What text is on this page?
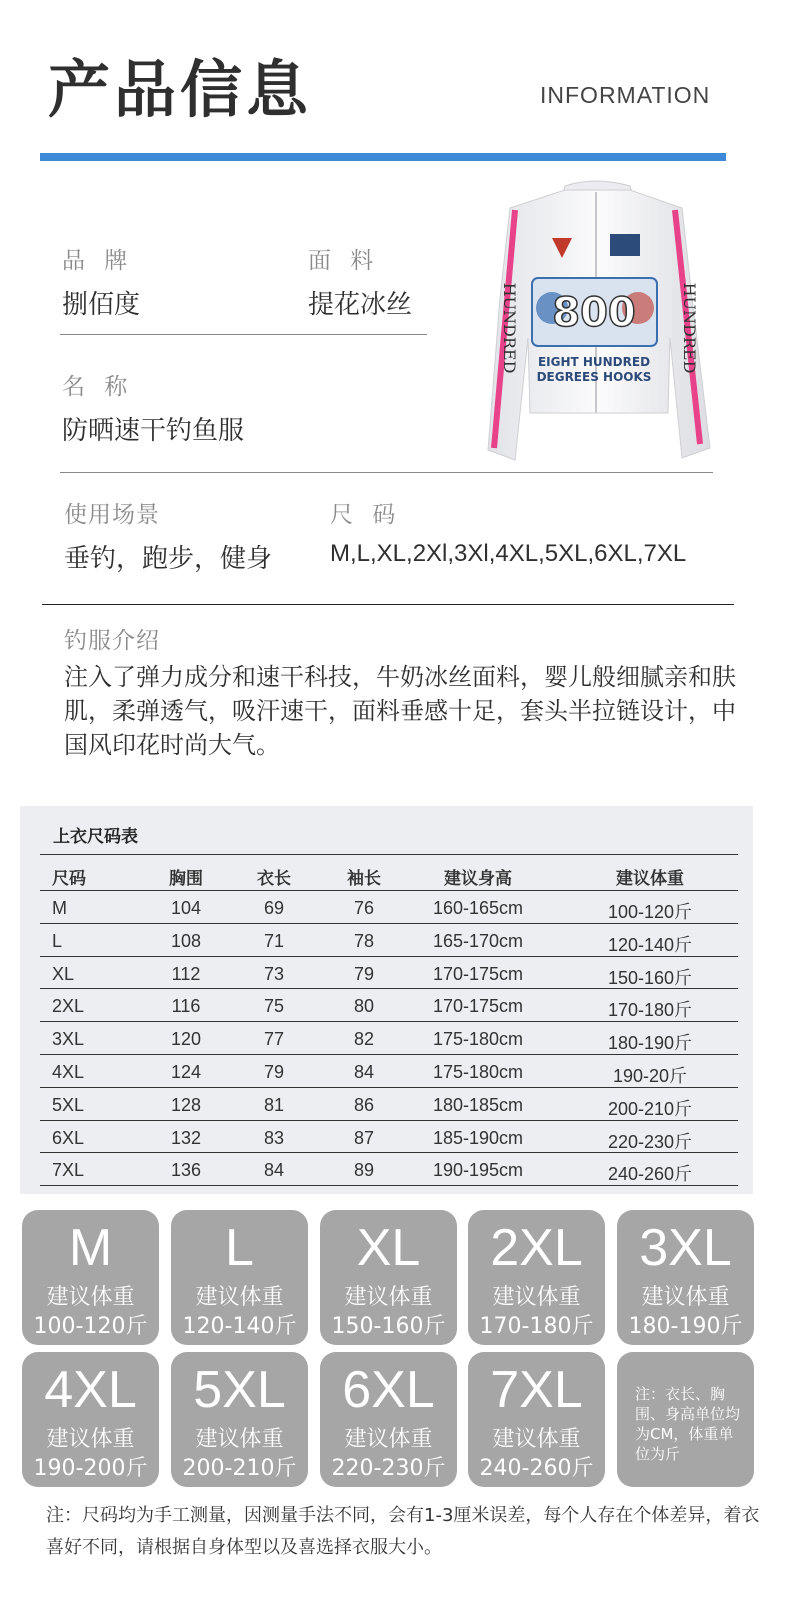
产品信息	INFORMATION
品 牌
捌佰度
面 料
提花冰丝
名 称
防晒速干钓鱼服
使用场景
垂钓，跑步，健身
尺 码
M,L,XL,2Xl,3Xl,4XL,5XL,6XL,7XL
钓服介绍
注入了弹力成分和速干科技，牛奶冰丝面料，婴儿般细腻亲和肤肌，柔弹透气，吸汗速干，面料垂感十足，套头半拉链设计，中国风印花时尚大气。
800
EIGHT HUNDRED
DEGREES HOOKS
HUNDRED	HUNDRED
上衣尺码表
尺码	胸围	衣长	袖长	建议身高	建议体重
M	104	69	76	160-165cm	100-120斤
L	108	71	78	165-170cm	120-140斤
XL	112	73	79	170-175cm	150-160斤
2XL	116	75	80	170-175cm	170-180斤
3XL	120	77	82	175-180cm	180-190斤
4XL	124	79	84	175-180cm	190-20斤
5XL	128	81	86	180-185cm	200-210斤
6XL	132	83	87	185-190cm	220-230斤
7XL	136	84	89	190-195cm	240-260斤
M
建议体重
100-120斤
L
建议体重
120-140斤
XL
建议体重
150-160斤
2XL
建议体重
170-180斤
3XL
建议体重
180-190斤
4XL
建议体重
190-200斤
5XL
建议体重
200-210斤
6XL
建议体重
220-230斤
7XL
建议体重
240-260斤
注：衣长、胸围、身高单位均为CM，体重单位为斤
注：尺码均为手工测量，因测量手法不同，会有1-3厘米误差，每个人存在个体差异，着衣喜好不同，请根据自身体型以及喜选择衣服大小。
